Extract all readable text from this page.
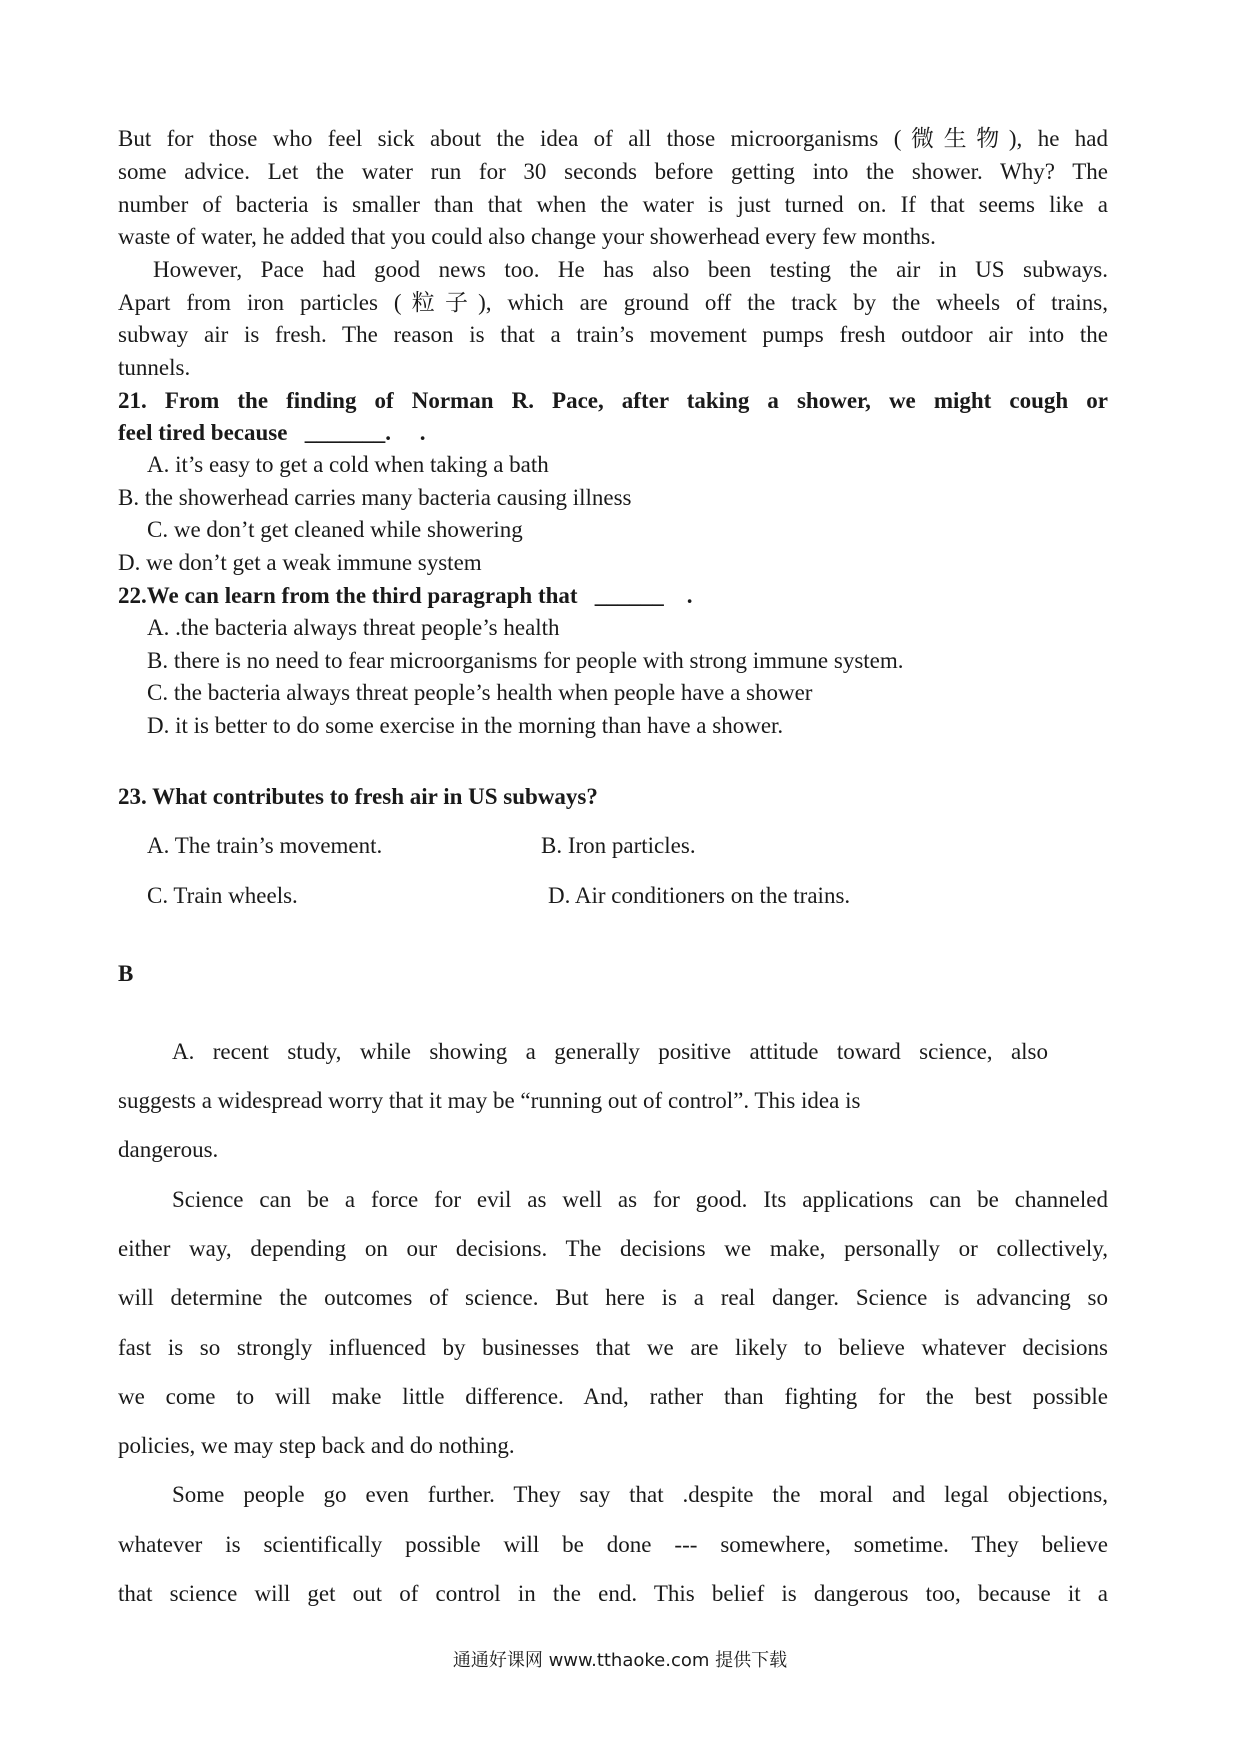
But for those who feel sick about the idea of all those microorganisms (微生物), he had
some advice. Let the water run for 30 seconds before getting into the shower. Why? The
number of bacteria is smaller than that when the water is just turned on. If that seems like a
waste of water, he added that you could also change your showerhead every few months.
However, Pace had good news too. He has also been testing the air in US subways.
Apart from iron particles (粒子), which are ground off the track by the wheels of trains,
subway air is fresh. The reason is that a train’s movement pumps fresh outdoor air into the
tunnels.
21. From the finding of Norman R. Pace, after taking a shower, we might cough or
feel tired because   _______.     .
A. it’s easy to get a cold when taking a bath
B. the showerhead carries many bacteria causing illness
C. we don’t get cleaned while showering
D. we don’t get a weak immune system
22.We can learn from the third paragraph that   ______    .
A. .the bacteria always threat people’s health
B. there is no need to fear microorganisms for people with strong immune system.
C. the bacteria always threat people’s health when people have a shower
D. it is better to do some exercise in the morning than have a shower.
23. What contributes to fresh air in US subways?
A. The train’s movement.	B. Iron particles.
C. Train wheels.	D. Air conditioners on the trains.
B
A. recent study, while showing a generally positive attitude toward science, also
suggests a widespread worry that it may be “running out of control”. This idea is
dangerous.
Science can be a force for evil as well as for good. Its applications can be channeled
either way, depending on our decisions. The decisions we make, personally or collectively,
will determine the outcomes of science. But here is a real danger. Science is advancing so
fast is so strongly influenced by businesses that we are likely to believe whatever decisions
we come to will make little difference. And, rather than fighting for the best possible
policies, we may step back and do nothing.
Some people go even further. They say that .despite the moral and legal objections,
whatever is scientifically possible will be done --- somewhere, sometime. They believe
that science will get out of control in the end. This belief is dangerous too, because it a
通通好课网 www.tthaoke.com 提供下载
